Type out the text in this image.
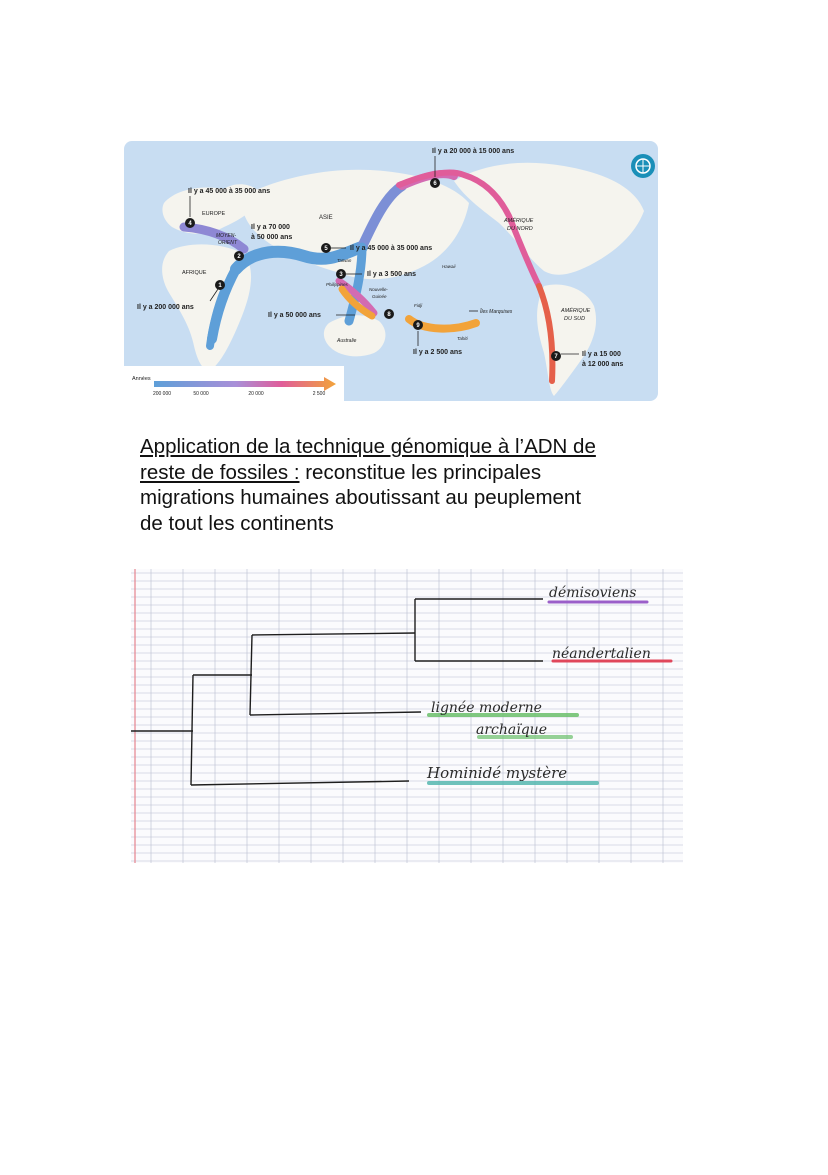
1
2
3
4
5
6
7
8
9
Il y a 20 000 à 15 000 ans
Il y a 45 000 à 35 000 ans
EUROPE
ASIE
MOYEN-
ORIENT
Il y a 70 000
à 50 000 ans
AFRIQUE
Il y a 200 000 ans
Il y a 45 000 à 35 000 ans
Taïwan
Il y a 3 500 ans
Philippines
Hawaii
Nouvelle-
Guinée
Fidji
Îles Marquises
Tahiti
Australie
Il y a 50 000 ans
Il y a 2 500 ans
AMÉRIQUE
DU NORD
AMÉRIQUE
DU SUD
Il y a 15 000
à 12 000 ans
Années
200 000	50 000	20 000	2 500
Application de la technique génomique à l’ADN de
reste de fossiles : reconstitue les principales
migrations humaines aboutissant au peuplement
de tout les continents
démisoviens
néandertalien
lignée moderne
archaïque
Hominidé mystère
